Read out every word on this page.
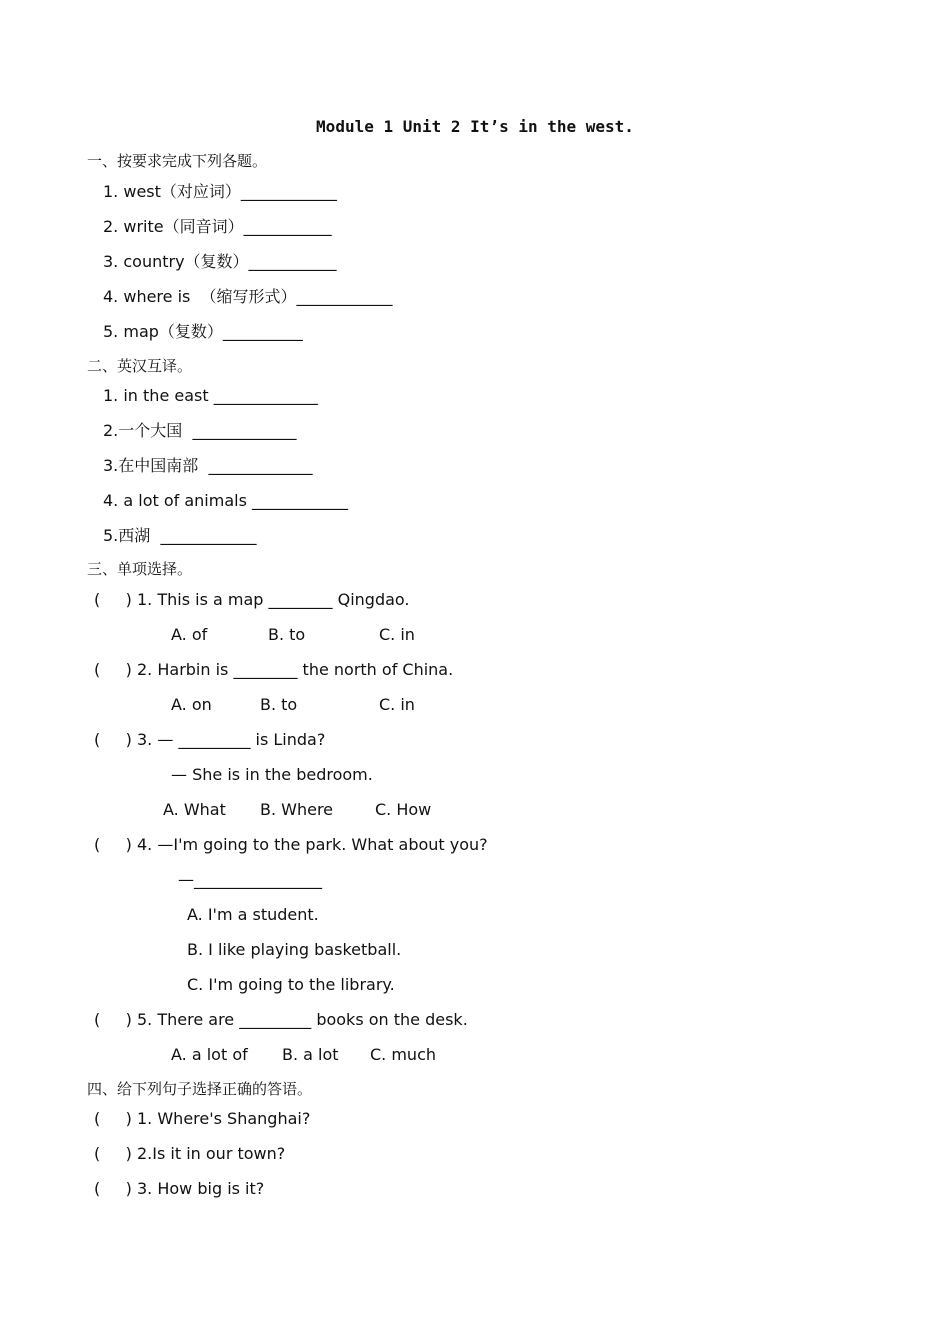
Module 1 Unit 2 It’s in the west.
一、按要求完成下列各题。
1. west（对应词）____________
2. write（同音词）___________
3. country（复数）___________
4. where is  （缩写形式）____________
5. map（复数）__________
二、英汉互译。
1. in the east _____________
2.一个大国  _____________
3.在中国南部  _____________
4. a lot of animals ____________
5.西湖  ____________
三、单项选择。
(     ) 1. This is a map ________ Qingdao.
A. of	B. to	C. in
(     ) 2. Harbin is ________ the north of China.
A. on	B. to	C. in
(     ) 3. — _________ is Linda?
— She is in the bedroom.
A. What B. Where	C. How
(     ) 4. —I'm going to the park. What about you?
—________________
A. I'm a student.
B. I like playing basketball.
C. I'm going to the library.
(     ) 5. There are _________ books on the desk.
A. a lot of B. a lot C. much
四、给下列句子选择正确的答语。
(     ) 1. Where's Shanghai?
(     ) 2.Is it in our town?
(     ) 3. How big is it?
